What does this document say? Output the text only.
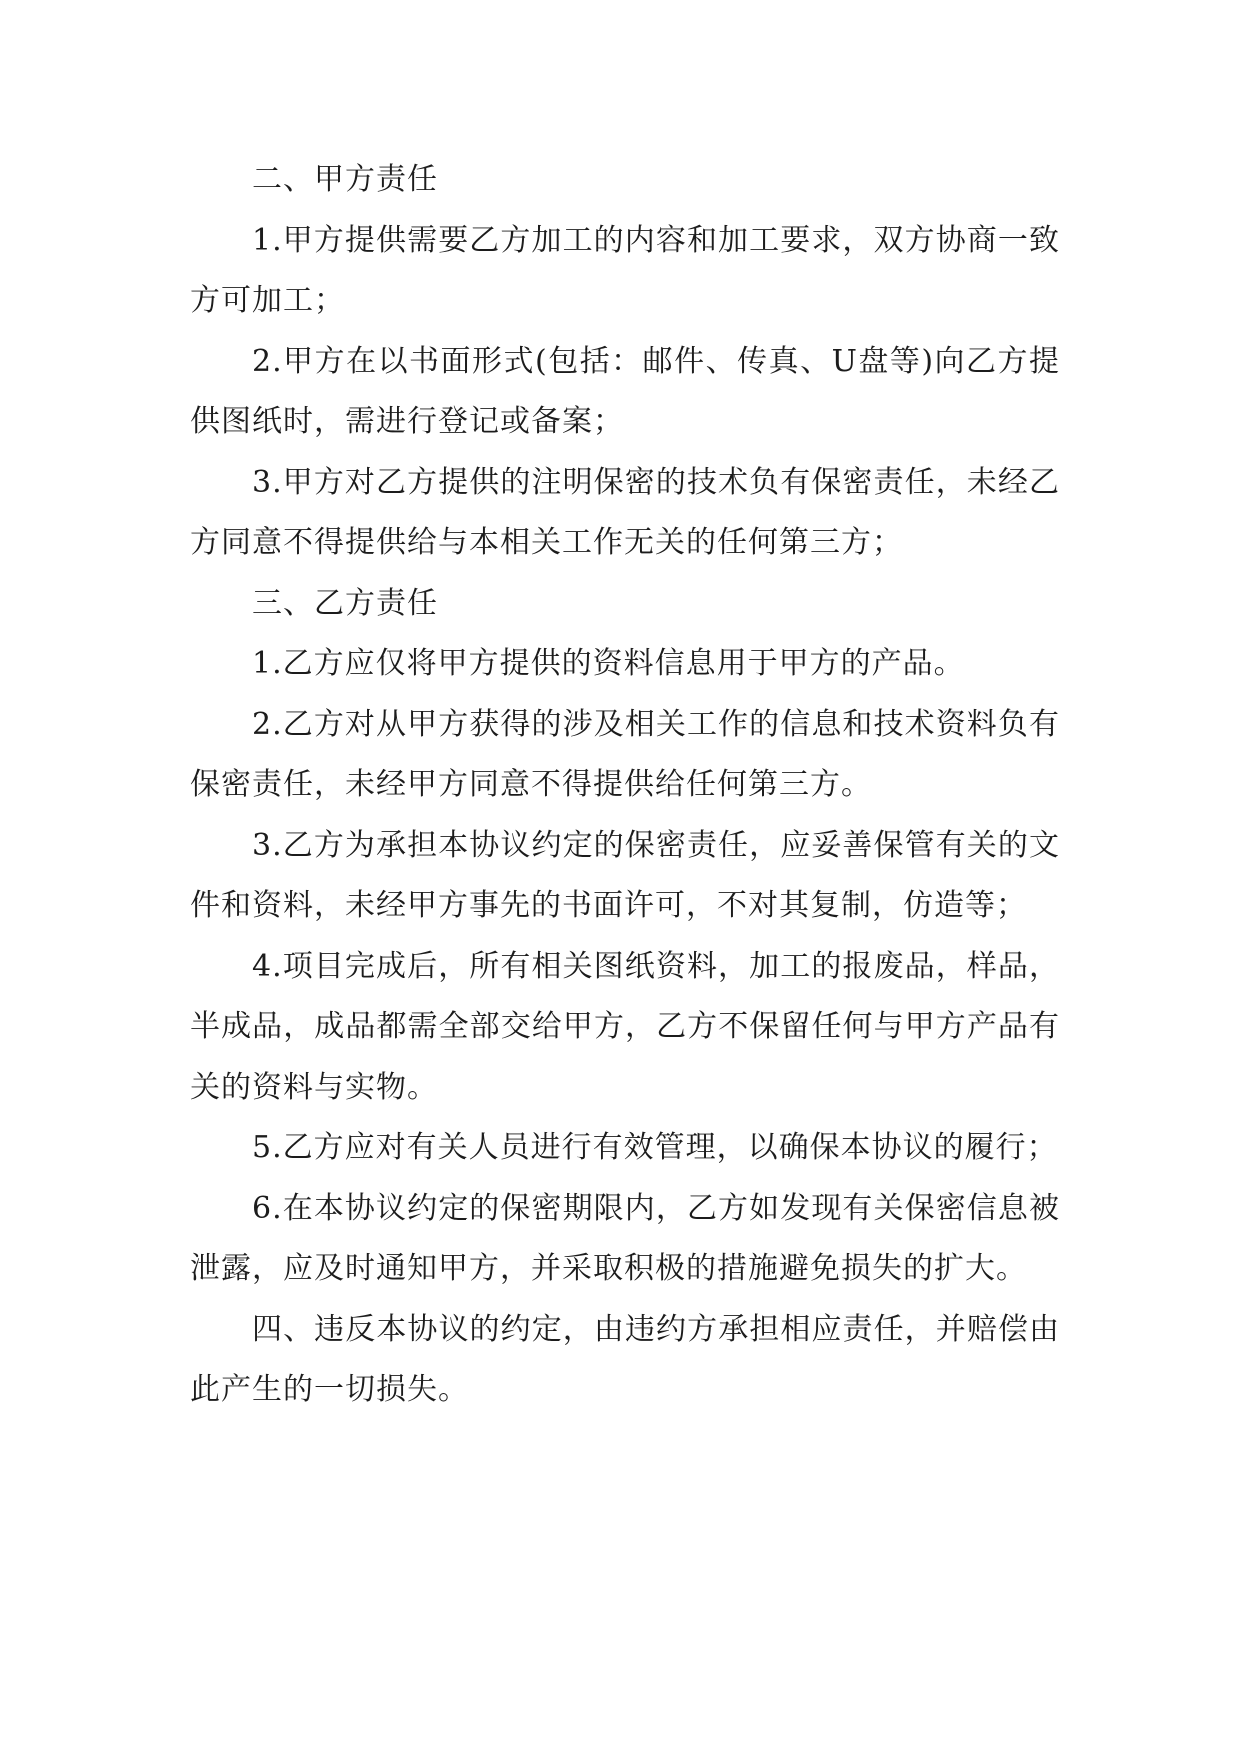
二、甲方责任

1.甲方提供需要乙方加工的内容和加工要求，双方协商一致方可加工；

2.甲方在以书面形式(包括：邮件、传真、U盘等)向乙方提供图纸时，需进行登记或备案；

3.甲方对乙方提供的注明保密的技术负有保密责任，未经乙方同意不得提供给与本相关工作无关的任何第三方；

三、乙方责任

1.乙方应仅将甲方提供的资料信息用于甲方的产品。

2.乙方对从甲方获得的涉及相关工作的信息和技术资料负有保密责任，未经甲方同意不得提供给任何第三方。

3.乙方为承担本协议约定的保密责任，应妥善保管有关的文件和资料，未经甲方事先的书面许可，不对其复制，仿造等；

4.项目完成后，所有相关图纸资料，加工的报废品，样品，半成品，成品都需全部交给甲方，乙方不保留任何与甲方产品有关的资料与实物。

5.乙方应对有关人员进行有效管理，以确保本协议的履行；

6.在本协议约定的保密期限内，乙方如发现有关保密信息被泄露，应及时通知甲方，并采取积极的措施避免损失的扩大。

四、违反本协议的约定，由违约方承担相应责任，并赔偿由此产生的一切损失。
